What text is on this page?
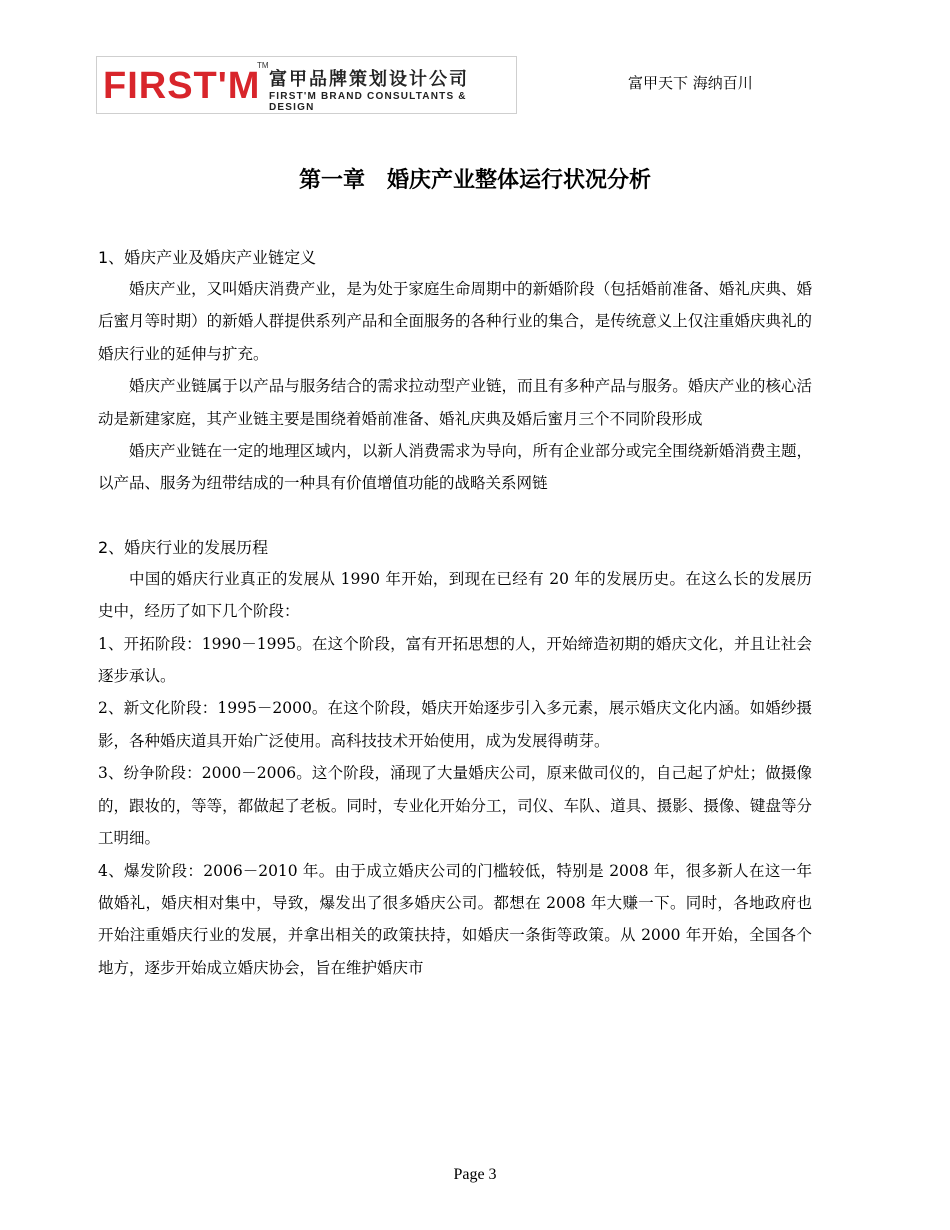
FIRST'M
TM
富甲品牌策划设计公司
FIRST'M BRAND CONSULTANTS & DESIGN
富甲天下 海纳百川
第一章　婚庆产业整体运行状况分析
1、婚庆产业及婚庆产业链定义

婚庆产业，又叫婚庆消费产业，是为处于家庭生命周期中的新婚阶段（包括婚前准备、婚礼庆典、婚后蜜月等时期）的新婚人群提供系列产品和全面服务的各种行业的集合，是传统意义上仅注重婚庆典礼的婚庆行业的延伸与扩充。

婚庆产业链属于以产品与服务结合的需求拉动型产业链，而且有多种产品与服务。婚庆产业的核心活动是新建家庭，其产业链主要是围绕着婚前准备、婚礼庆典及婚后蜜月三个不同阶段形成

婚庆产业链在一定的地理区域内，以新人消费需求为导向，所有企业部分或完全围绕新婚消费主题，以产品、服务为纽带结成的一种具有价值增值功能的战略关系网链

2、婚庆行业的发展历程

中国的婚庆行业真正的发展从 1990 年开始，到现在已经有 20 年的发展历史。在这么长的发展历史中，经历了如下几个阶段：

1、开拓阶段：1990－1995。在这个阶段，富有开拓思想的人，开始缔造初期的婚庆文化，并且让社会逐步承认。

2、新文化阶段：1995－2000。在这个阶段，婚庆开始逐步引入多元素，展示婚庆文化内涵。如婚纱摄影，各种婚庆道具开始广泛使用。高科技技术开始使用，成为发展得萌芽。

3、纷争阶段：2000－2006。这个阶段，涌现了大量婚庆公司，原来做司仪的，自己起了炉灶；做摄像的，跟妆的，等等，都做起了老板。同时，专业化开始分工，司仪、车队、道具、摄影、摄像、键盘等分工明细。

4、爆发阶段：2006－2010 年。由于成立婚庆公司的门槛较低，特别是 2008 年，很多新人在这一年做婚礼，婚庆相对集中，导致，爆发出了很多婚庆公司。都想在 2008 年大赚一下。同时，各地政府也开始注重婚庆行业的发展，并拿出相关的政策扶持，如婚庆一条街等政策。从 2000 年开始，全国各个地方，逐步开始成立婚庆协会，旨在维护婚庆市

Page 3
